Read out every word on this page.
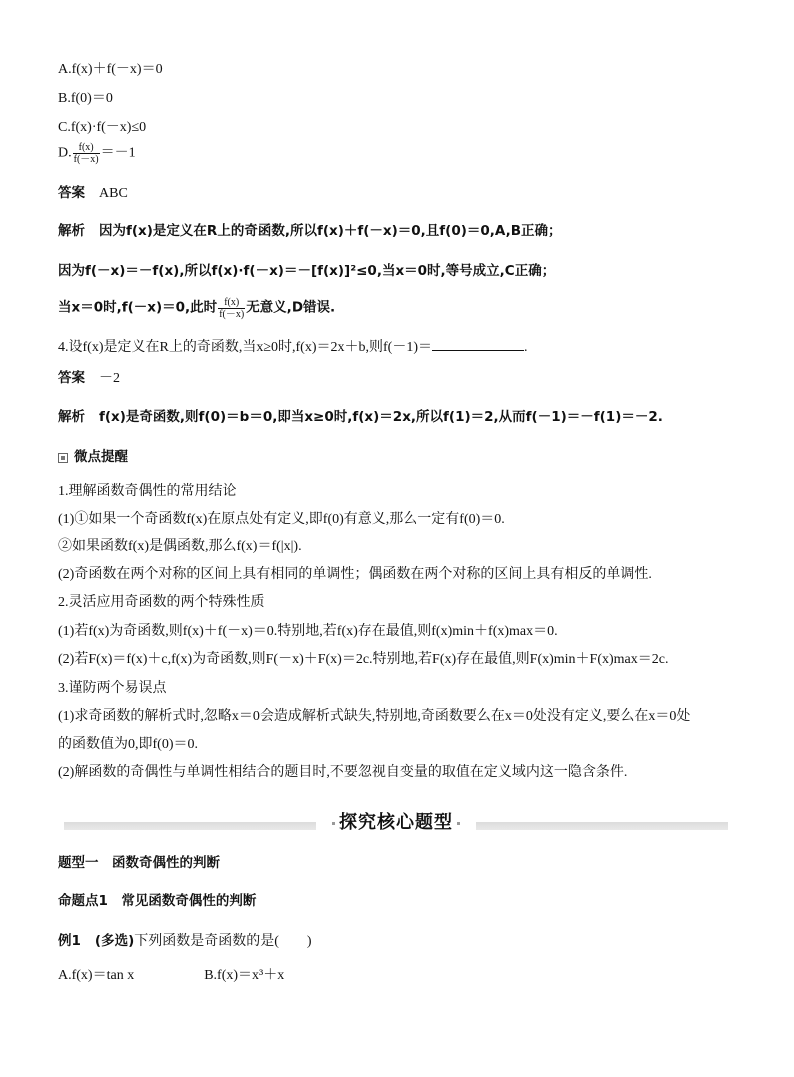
A.f(x)＋f(－x)＝0
B.f(0)＝0
C.f(x)·f(－x)≤0
D. $\frac{f(x)}{f(-x)} =-1$
答案 ABC
解析 因为f(x)是定义在R上的奇函数,所以f(x)＋f(－x)＝0,且f(0)＝0,A,B正确；
因为f(－x)＝－f(x),所以f(x)·f(－x)＝－[f(x)]²≤0,当x＝0时,等号成立,C正确；
当x＝0时,f(－x)＝0,此时 $\frac{f(x)}{f(-x)}$ 无意义,D错误.
4.设f(x)是定义在R上的奇函数,当x≥0时,f(x)＝2x＋b,则f(－1)＝	.
答案 －2
解析 f(x)是奇函数,则f(0)＝b＝0,即当x≥0时,f(x)＝2x,所以f(1)＝2,从而f(－1)＝－f(1)＝－2.
微点提醒
1.理解函数奇偶性的常用结论
(1)①如果一个奇函数f(x)在原点处有定义,即f(0)有意义,那么一定有f(0)＝0.
②如果函数f(x)是偶函数,那么f(x)＝f(|x|).
(2)奇函数在两个对称的区间上具有相同的单调性；偶函数在两个对称的区间上具有相反的单调性.
2.灵活应用奇函数的两个特殊性质
(1)若f(x)为奇函数,则f(x)＋f(－x)＝0.特别地,若f(x)存在最值,则f(x)min＋f(x)max＝0.
(2)若F(x)＝f(x)＋c,f(x)为奇函数,则F(－x)＋F(x)＝2c.特别地,若F(x)存在最值,则F(x)min＋F(x)max＝2c.
3.谨防两个易误点
(1)求奇函数的解析式时,忽略x＝0会造成解析式缺失,特别地,奇函数要么在x＝0处没有定义,要么在x＝0处
的函数值为0,即f(0)＝0.
(2)解函数的奇偶性与单调性相结合的题目时,不要忽视自变量的取值在定义域内这一隐含条件.
探究核心题型
题型一　函数奇偶性的判断
命题点1　常见函数奇偶性的判断
例1 (多选)下列函数是奇函数的是(　　)
A.f(x)＝tan x	B.f(x)＝x³＋x
